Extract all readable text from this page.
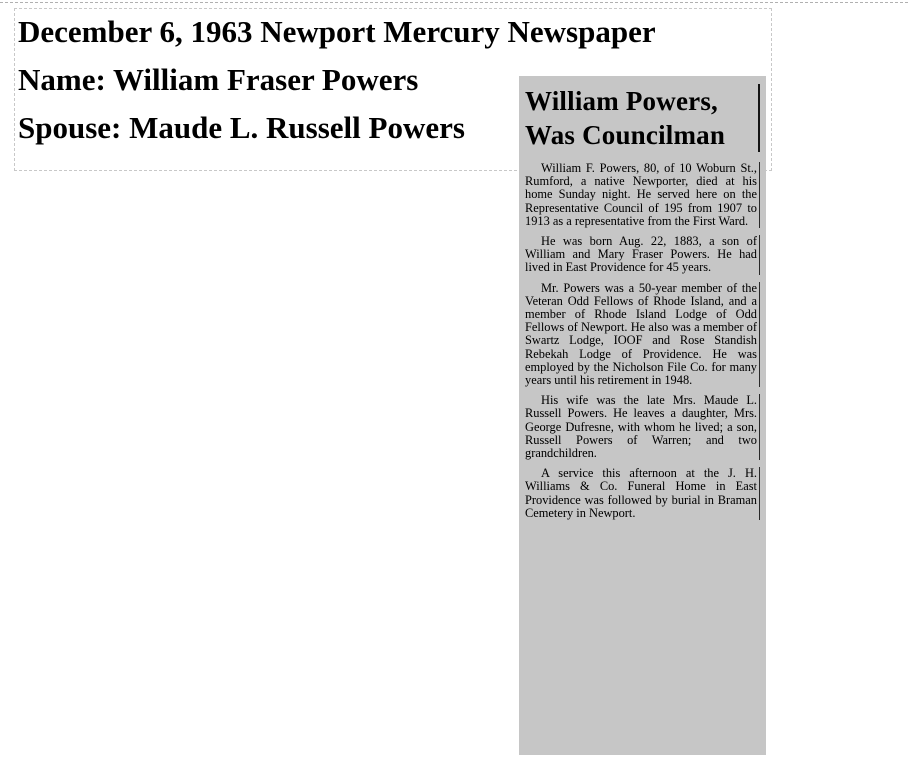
December 6, 1963 Newport Mercury Newspaper

Name: William Fraser Powers

Spouse: Maude L. Russell Powers

William Powers,
Was Councilman

William F. Powers, 80, of 10 Woburn St., Rumford, a native Newporter, died at his home Sunday night. He served here on the Representative Council of 195 from 1907 to 1913 as a representative from the First Ward.

He was born Aug. 22, 1883, a son of William and Mary Fraser Powers. He had lived in East Providence for 45 years.

Mr. Powers was a 50-year member of the Veteran Odd Fellows of Rhode Island, and a member of Rhode Island Lodge of Odd Fellows of Newport. He also was a member of Swartz Lodge, IOOF and Rose Standish Rebekah Lodge of Providence. He was employed by the Nicholson File Co. for many years until his retirement in 1948.

His wife was the late Mrs. Maude L. Russell Powers. He leaves a daughter, Mrs. George Dufresne, with whom he lived; a son, Russell Powers of Warren; and two grandchildren.

A service this afternoon at the J. H. Williams & Co. Funeral Home in East Providence was followed by burial in Braman Cemetery in Newport.
